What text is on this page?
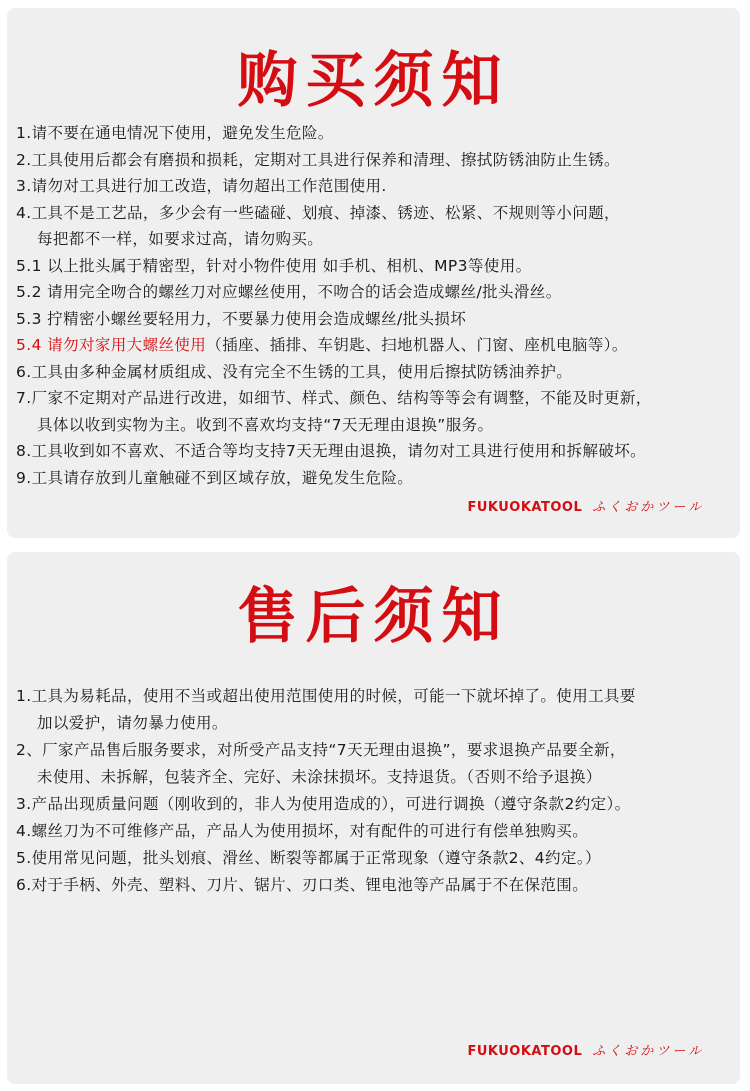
购买须知
1.请不要在通电情况下使用，避免发生危险。
2.工具使用后都会有磨损和损耗，定期对工具进行保养和清理、擦拭防锈油防止生锈。
3.请勿对工具进行加工改造，请勿超出工作范围使用.
4.工具不是工艺品，多少会有一些磕碰、划痕、掉漆、锈迹、松紧、不规则等小问题，
每把都不一样，如要求过高，请勿购买。
5.1 以上批头属于精密型，针对小物件使用 如手机、相机、MP3等使用。
5.2 请用完全吻合的螺丝刀对应螺丝使用，不吻合的话会造成螺丝/批头滑丝。
5.3 拧精密小螺丝要轻用力，不要暴力使用会造成螺丝/批头损坏
5.4 请勿对家用大螺丝使用（插座、插排、车钥匙、扫地机器人、门窗、座机电脑等）。
6.工具由多种金属材质组成、没有完全不生锈的工具，使用后擦拭防锈油养护。
7.厂家不定期对产品进行改进，如细节、样式、颜色、结构等等会有调整，不能及时更新，
具体以收到实物为主。收到不喜欢均支持“7天无理由退换”服务。
8.工具收到如不喜欢、不适合等均支持7天无理由退换，请勿对工具进行使用和拆解破坏。
9.工具请存放到儿童触碰不到区域存放，避免发生危险。
FUKUOKATOOL ふくおかツール
售后须知
1.工具为易耗品，使用不当或超出使用范围使用的时候，可能一下就坏掉了。使用工具要
加以爱护，请勿暴力使用。
2、厂家产品售后服务要求，对所受产品支持“7天无理由退换”，要求退换产品要全新，
未使用、未拆解，包装齐全、完好、未涂抹损坏。支持退货。（否则不给予退换）
3.产品出现质量问题（刚收到的，非人为使用造成的），可进行调换（遵守条款2约定）。
4.螺丝刀为不可维修产品，产品人为使用损坏，对有配件的可进行有偿单独购买。
5.使用常见问题，批头划痕、滑丝、断裂等都属于正常现象（遵守条款2、4约定。）
6.对于手柄、外壳、塑料、刀片、锯片、刃口类、锂电池等产品属于不在保范围。
FUKUOKATOOL ふくおかツール
